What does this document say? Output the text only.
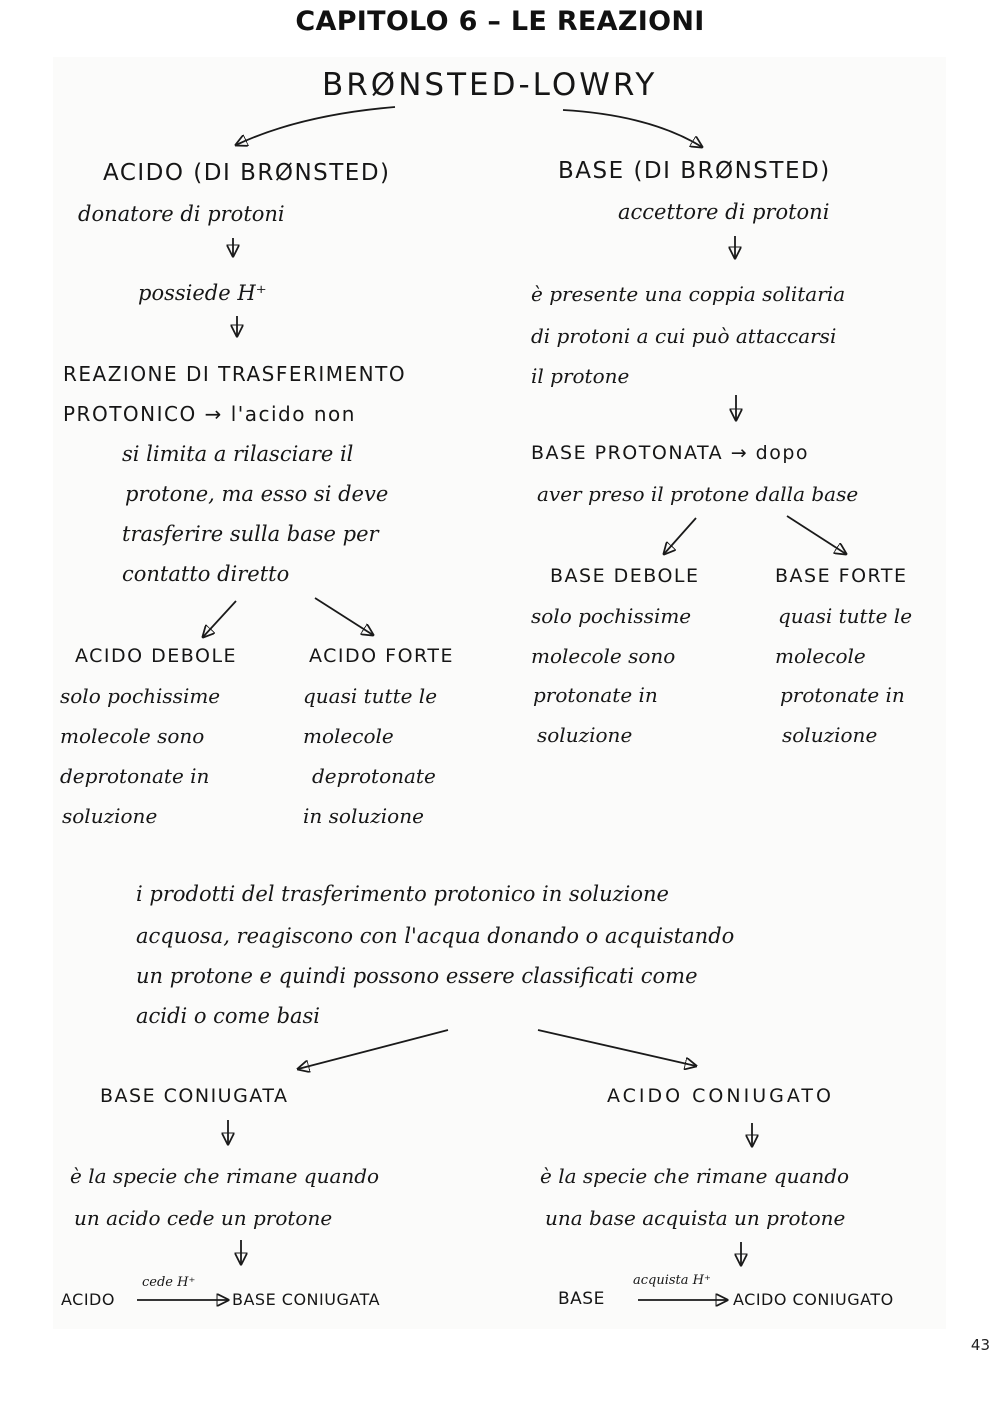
CAPITOLO 6 – LE REAZIONI
BRØNSTED-LOWRY
ACIDO (DI BRØNSTED)
donatore di protoni
possiede H⁺
REAZIONE DI TRASFERIMENTO
PROTONICO → l'acido non
si limita a rilasciare il
protone, ma esso si deve
trasferire sulla base per
contatto diretto
ACIDO DEBOLE
solo pochissime
molecole sono
deprotonate in
soluzione
ACIDO FORTE
quasi tutte le
molecole
deprotonate
in soluzione
BASE (DI BRØNSTED)
accettore di protoni
è presente una coppia solitaria
di protoni a cui può attaccarsi
il protone
BASE PROTONATA → dopo
aver preso il protone dalla base
BASE DEBOLE
solo pochissime
molecole sono
protonate in
soluzione
BASE FORTE
quasi tutte le
molecole
protonate in
soluzione
i prodotti del trasferimento protonico in soluzione
acquosa, reagiscono con l'acqua donando o acquistando
un protone e quindi possono essere classificati come
acidi o come basi
BASE CONIUGATA
è la specie che rimane quando
un acido cede un protone
ACIDO
cede H⁺
BASE CONIUGATA
ACIDO CONIUGATO
è la specie che rimane quando
una base acquista un protone
BASE
acquista H⁺
ACIDO CONIUGATO
43
